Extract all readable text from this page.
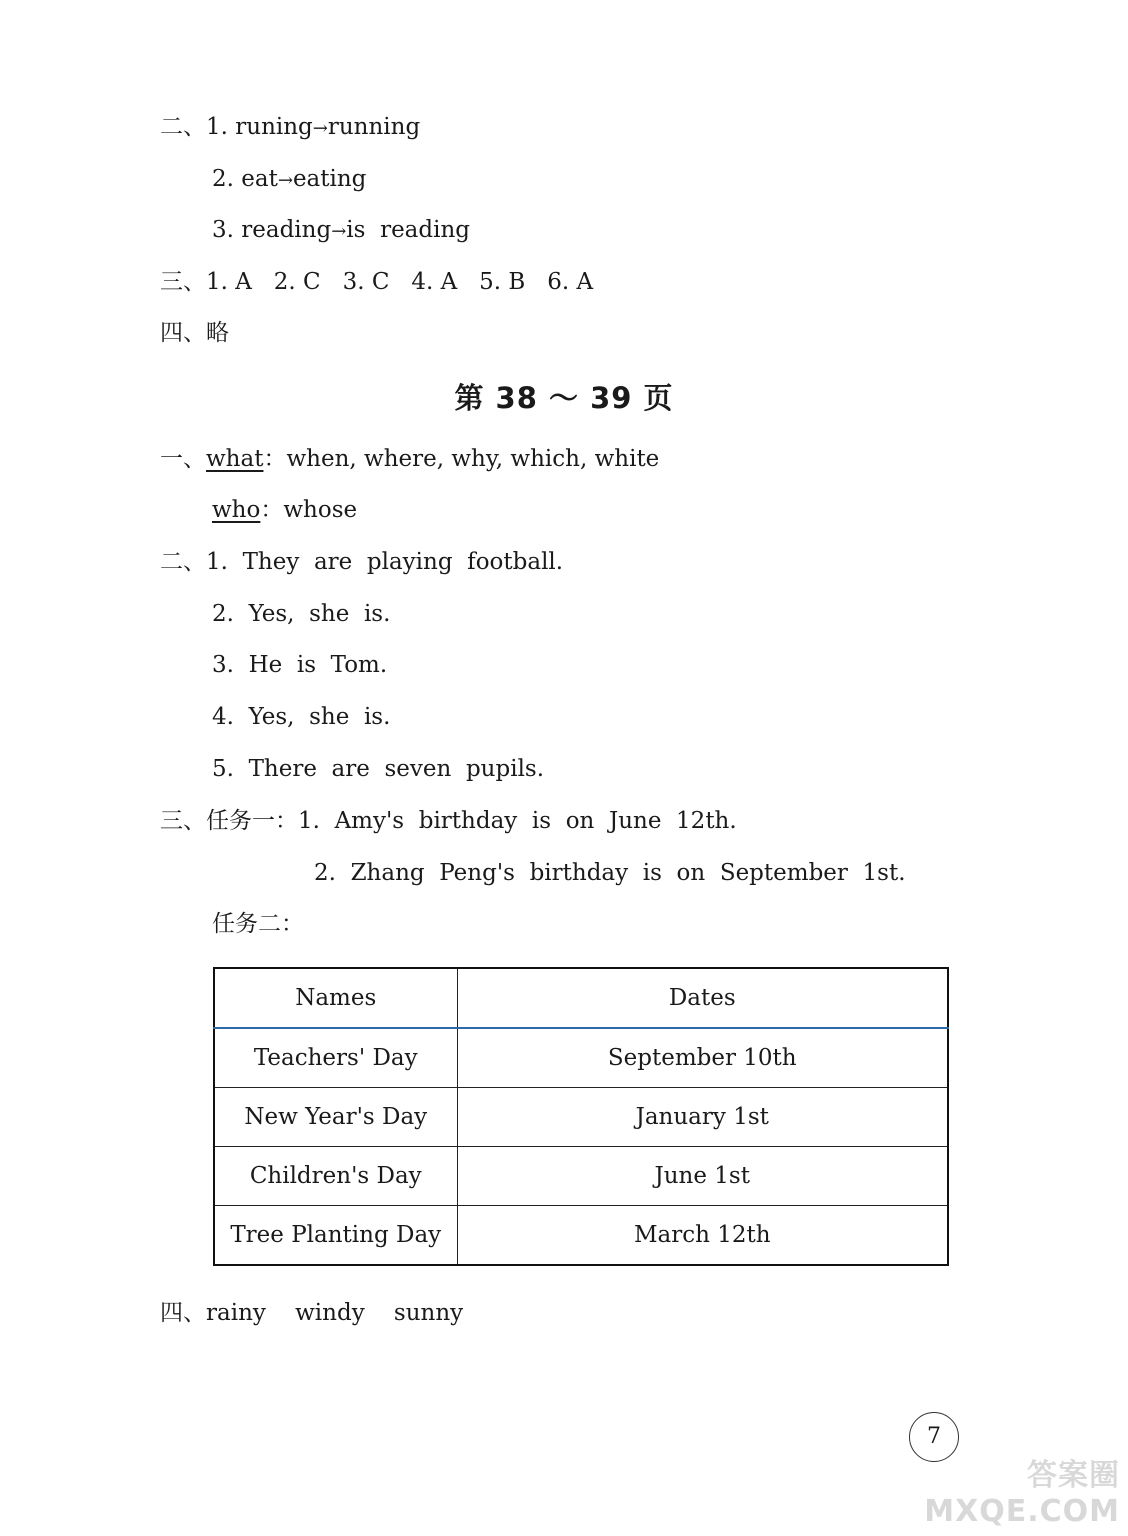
二、1. runing→running
2. eat→eating
3. reading→is  reading
三、1. A   2. C   3. C   4. A   5. B   6. A
四、略
第 38 ～ 39 页
一、what：when, where, why, which, white
who：whose
二、1.  They  are  playing  football.
2.  Yes,  she  is.
3.  He  is  Tom.
4.  Yes,  she  is.
5.  There  are  seven  pupils.
三、任务一：1.  Amy's  birthday  is  on  June  12th.
2.  Zhang  Peng's  birthday  is  on  September  1st.
任务二：
Names	Dates
Teachers' Day	September 10th
New Year's Day	January 1st
Children's Day	June 1st
Tree Planting Day	March 12th
四、rainy    windy    sunny
7
答案圈
MXQE.COM
